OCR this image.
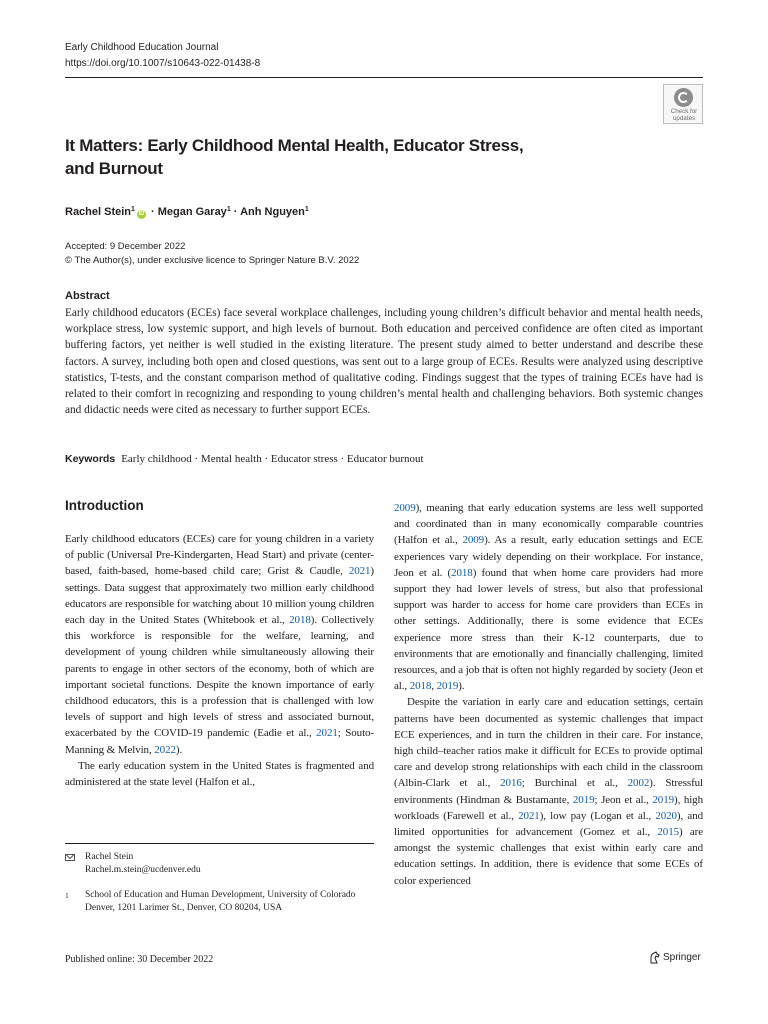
Early Childhood Education Journal
https://doi.org/10.1007/s10643-022-01438-8
Check for
updates
It Matters: Early Childhood Mental Health, Educator Stress,
and Burnout
Rachel Stein$^1$iD · Megan Garay$^1$ · Anh Nguyen$^1$
Accepted: 9 December 2022
© The Author(s), under exclusive licence to Springer Nature B.V. 2022
Abstract

Early childhood educators (ECEs) face several workplace challenges, including young children’s difficult behavior and mental health needs, workplace stress, low systemic support, and high levels of burnout. Both education and perceived confidence are often cited as important buffering factors, yet neither is well studied in the existing literature. The present study aimed to better understand and describe these factors. A survey, including both open and closed questions, was sent out to a large group of ECEs. Results were analyzed using descriptive statistics, T-tests, and the constant comparison method of qualitative coding. Findings suggest that the types of training ECEs have had is related to their comfort in recognizing and responding to young children’s mental health and challenging behaviors. Both systemic changes and didactic needs were cited as necessary to further support ECEs.

Keywords Early childhood · Mental health · Educator stress · Educator burnout
Introduction

Early childhood educators (ECEs) care for young children in a variety of public (Universal Pre-Kindergarten, Head Start) and private (center-based, faith-based, home-based child care; Grist & Caudle, 2021) settings. Data suggest that approximately two million early childhood educators are responsible for watching about 10 million young children each day in the United States (Whitebook et al., 2018). Collectively this workforce is responsible for the welfare, learning, and development of young children while simultaneously allowing their parents to engage in other sectors of the economy, both of which are important societal functions. Despite the known importance of early childhood educators, this is a profession that is challenged with low levels of support and high levels of stress and associated burnout, exacerbated by the COVID-19 pandemic (Eadie et al., 2021; Souto-Manning & Melvin, 2022).

The early education system in the United States is fragmented and administered at the state level (Halfon et al.,

2009), meaning that early education systems are less well supported and coordinated than in many economically comparable countries (Halfon et al., 2009). As a result, early education settings and ECE experiences vary widely depending on their workplace. For instance, Jeon et al. (2018) found that when home care providers had more support they had lower levels of stress, but also that professional support was harder to access for home care providers than ECEs in other settings. Additionally, there is some evidence that ECEs experience more stress than their K-12 counterparts, due to environments that are emotionally and financially challenging, limited resources, and a job that is often not highly regarded by society (Jeon et al., 2018, 2019).

Despite the variation in early care and education settings, certain patterns have been documented as systemic challenges that impact ECE experiences, and in turn the children in their care. For instance, high child–teacher ratios make it difficult for ECEs to provide optimal care and develop strong relationships with each child in the classroom (Albin-Clark et al., 2016; Burchinal et al., 2002). Stressful environments (Hindman & Bustamante, 2019; Jeon et al., 2019), high workloads (Farewell et al., 2021), low pay (Logan et al., 2020), and limited opportunities for advancement (Gomez et al., 2015) are amongst the systemic challenges that exist within early care and education settings. In addition, there is evidence that some ECEs of color experienced

Rachel Stein
Rachel.m.stein@ucdenver.edu
$^1$	School of Education and Human Development, University of Colorado Denver, 1201 Larimer St., Denver, CO 80204, USA
Published online: 30 December 2022	Springer
